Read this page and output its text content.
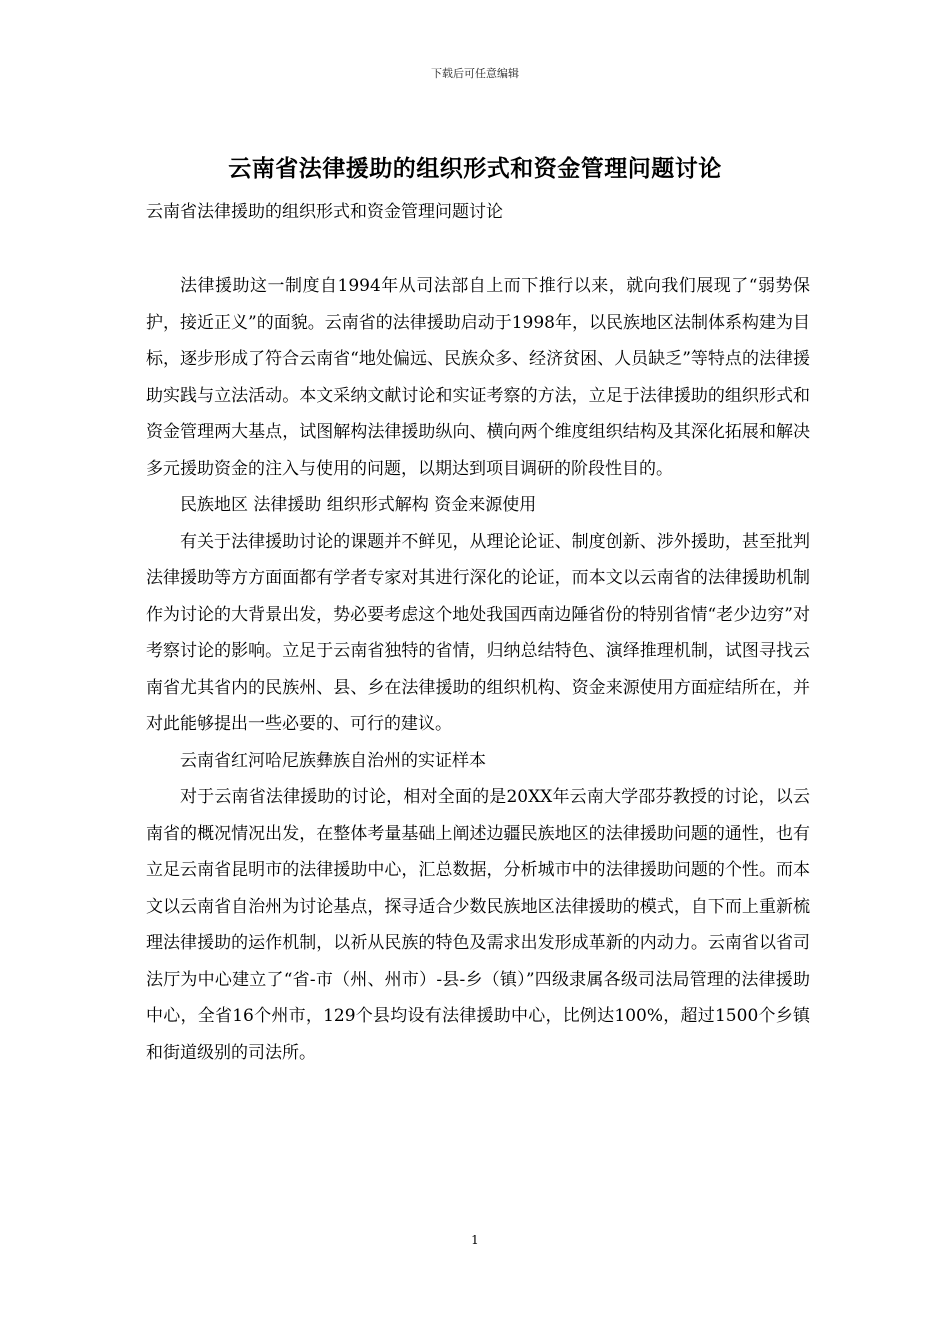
下载后可任意编辑
云南省法律援助的组织形式和资金管理问题讨论
云南省法律援助的组织形式和资金管理问题讨论

法律援助这一制度自1994年从司法部自上而下推行以来，就向我们展现了“弱势保护，接近正义”的面貌。云南省的法律援助启动于1998年，以民族地区法制体系构建为目标，逐步形成了符合云南省“地处偏远、民族众多、经济贫困、人员缺乏”等特点的法律援助实践与立法活动。本文采纳文献讨论和实证考察的方法，立足于法律援助的组织形式和资金管理两大基点，试图解构法律援助纵向、横向两个维度组织结构及其深化拓展和解决多元援助资金的注入与使用的问题，以期达到项目调研的阶段性目的。

民族地区 法律援助 组织形式解构 资金来源使用

有关于法律援助讨论的课题并不鲜见，从理论论证、制度创新、涉外援助，甚至批判法律援助等方方面面都有学者专家对其进行深化的论证，而本文以云南省的法律援助机制作为讨论的大背景出发，势必要考虑这个地处我国西南边陲省份的特别省情“老少边穷”对考察讨论的影响。立足于云南省独特的省情，归纳总结特色、演绎推理机制，试图寻找云南省尤其省内的民族州、县、乡在法律援助的组织机构、资金来源使用方面症结所在，并对此能够提出一些必要的、可行的建议。

云南省红河哈尼族彝族自治州的实证样本

对于云南省法律援助的讨论，相对全面的是20XX年云南大学邵芬教授的讨论，以云南省的概况情况出发，在整体考量基础上阐述边疆民族地区的法律援助问题的通性，也有立足云南省昆明市的法律援助中心，汇总数据，分析城市中的法律援助问题的个性。而本文以云南省自治州为讨论基点，探寻适合少数民族地区法律援助的模式，自下而上重新梳理法律援助的运作机制，以祈从民族的特色及需求出发形成革新的内动力。云南省以省司法厅为中心建立了“省-市（州、州市）-县-乡（镇）”四级隶属各级司法局管理的法律援助中心，全省16个州市，129个县均设有法律援助中心，比例达100%，超过1500个乡镇和街道级别的司法所。

1
